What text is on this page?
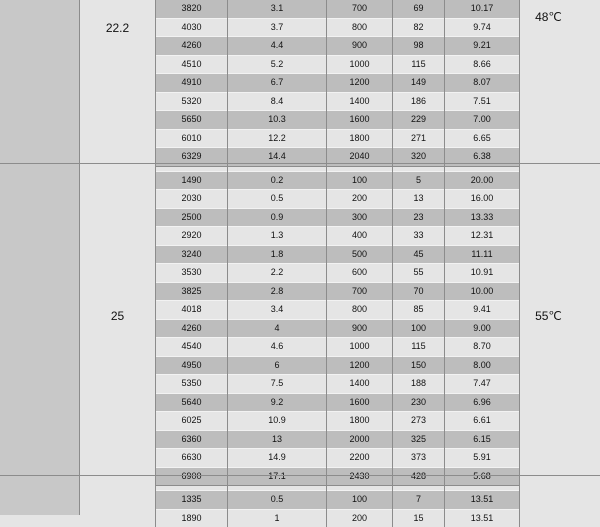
3820	3.1	700	69	10.17
4030	3.7	800	82	9.74
4260	4.4	900	98	9.21
4510	5.2	1000	115	8.66
4910	6.7	1200	149	8.07
5320	8.4	1400	186	7.51
5650	10.3	1600	229	7.00
6010	12.2	1800	271	6.65
6329	14.4	2040	320	6.38

1490	0.2	100	5	20.00
2030	0.5	200	13	16.00
2500	0.9	300	23	13.33
2920	1.3	400	33	12.31
3240	1.8	500	45	11.11
3530	2.2	600	55	10.91
3825	2.8	700	70	10.00
4018	3.4	800	85	9.41
4260	4	900	100	9.00
4540	4.6	1000	115	8.70
4950	6	1200	150	8.00
5350	7.5	1400	188	7.47
5640	9.2	1600	230	6.96
6025	10.9	1800	273	6.61
6360	13	2000	325	6.15
6630	14.9	2200	373	5.91
6900	17.1	2430	428	5.68

1335	0.5	100	7	13.51
1890	1	200	15	13.51
22.2
48℃
25	55℃
